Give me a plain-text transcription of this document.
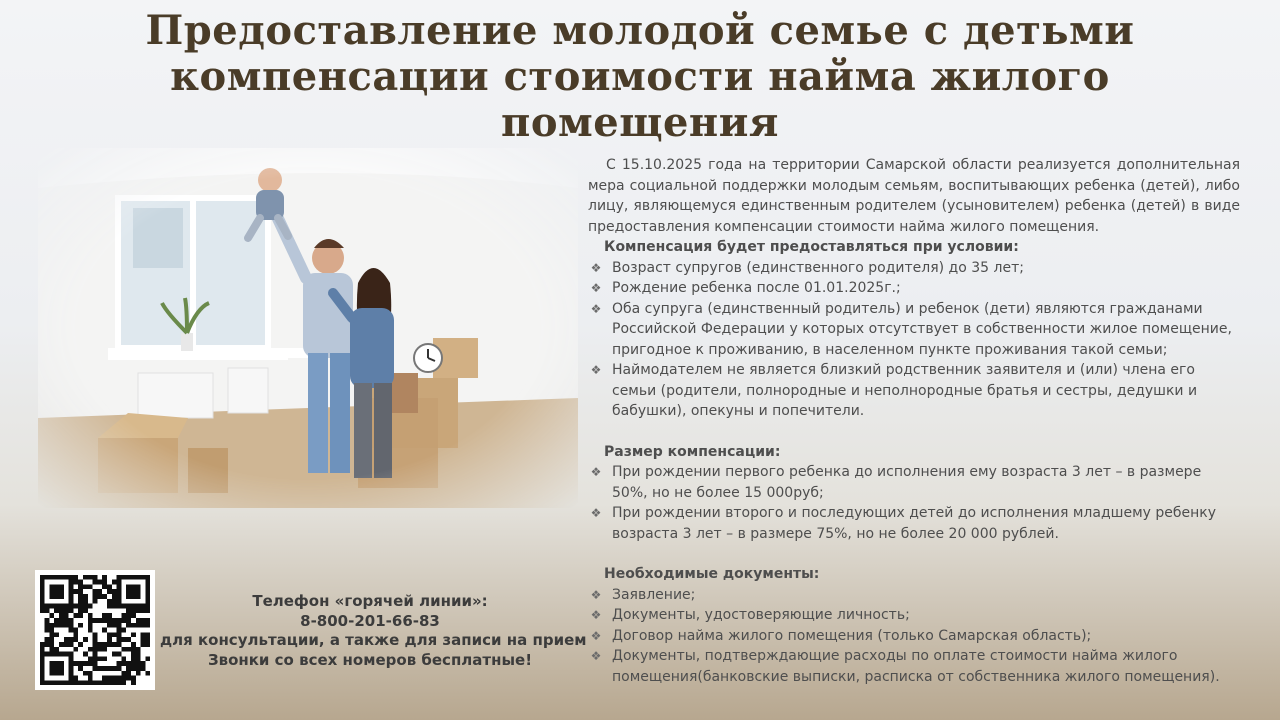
Предоставление молодой семье с детьми компенсации стоимости найма жилого помещения

С 15.10.2025 года на территории Самарской области реализуется дополнительная мера социальной поддержки молодым семьям, воспитывающих ребенка (детей), либо лицу, являющемуся единственным родителем (усыновителем) ребенка (детей) в виде предоставления компенсации стоимости найма жилого помещения.

Компенсация будет предоставляться при условии:

❖ Возраст супругов (единственного родителя) до 35 лет;
❖ Рождение ребенка после 01.01.2025г.;
❖ Оба супруга (единственный родитель) и ребенок (дети) являются гражданами Российской Федерации у которых отсутствует в собственности жилое помещение, пригодное к проживанию, в населенном пункте проживания такой семьи;
❖ Наймодателем не является близкий родственник заявителя и (или) члена его семьи (родители, полнородные и неполнородные братья и сестры, дедушки и бабушки), опекуны и попечители.

Размер компенсации:

❖ При рождении первого ребенка до исполнения ему возраста 3 лет – в размере 50%, но не более 15 000руб;
❖ При рождении второго и последующих детей до исполнения младшему ребенку возраста 3 лет – в размере 75%, но не более 20 000 рублей.

Необходимые документы:

❖ Заявление;
❖ Документы, удостоверяющие личность;
❖ Договор найма жилого помещения (только Самарская область);
❖ Документы, подтверждающие расходы по оплате стоимости найма жилого помещения(банковские выписки, расписка от собственника жилого помещения).
Телефон «горячей линии»:
8-800-201-66-83
для консультации, а также для записи на прием
Звонки со всех номеров бесплатные!
